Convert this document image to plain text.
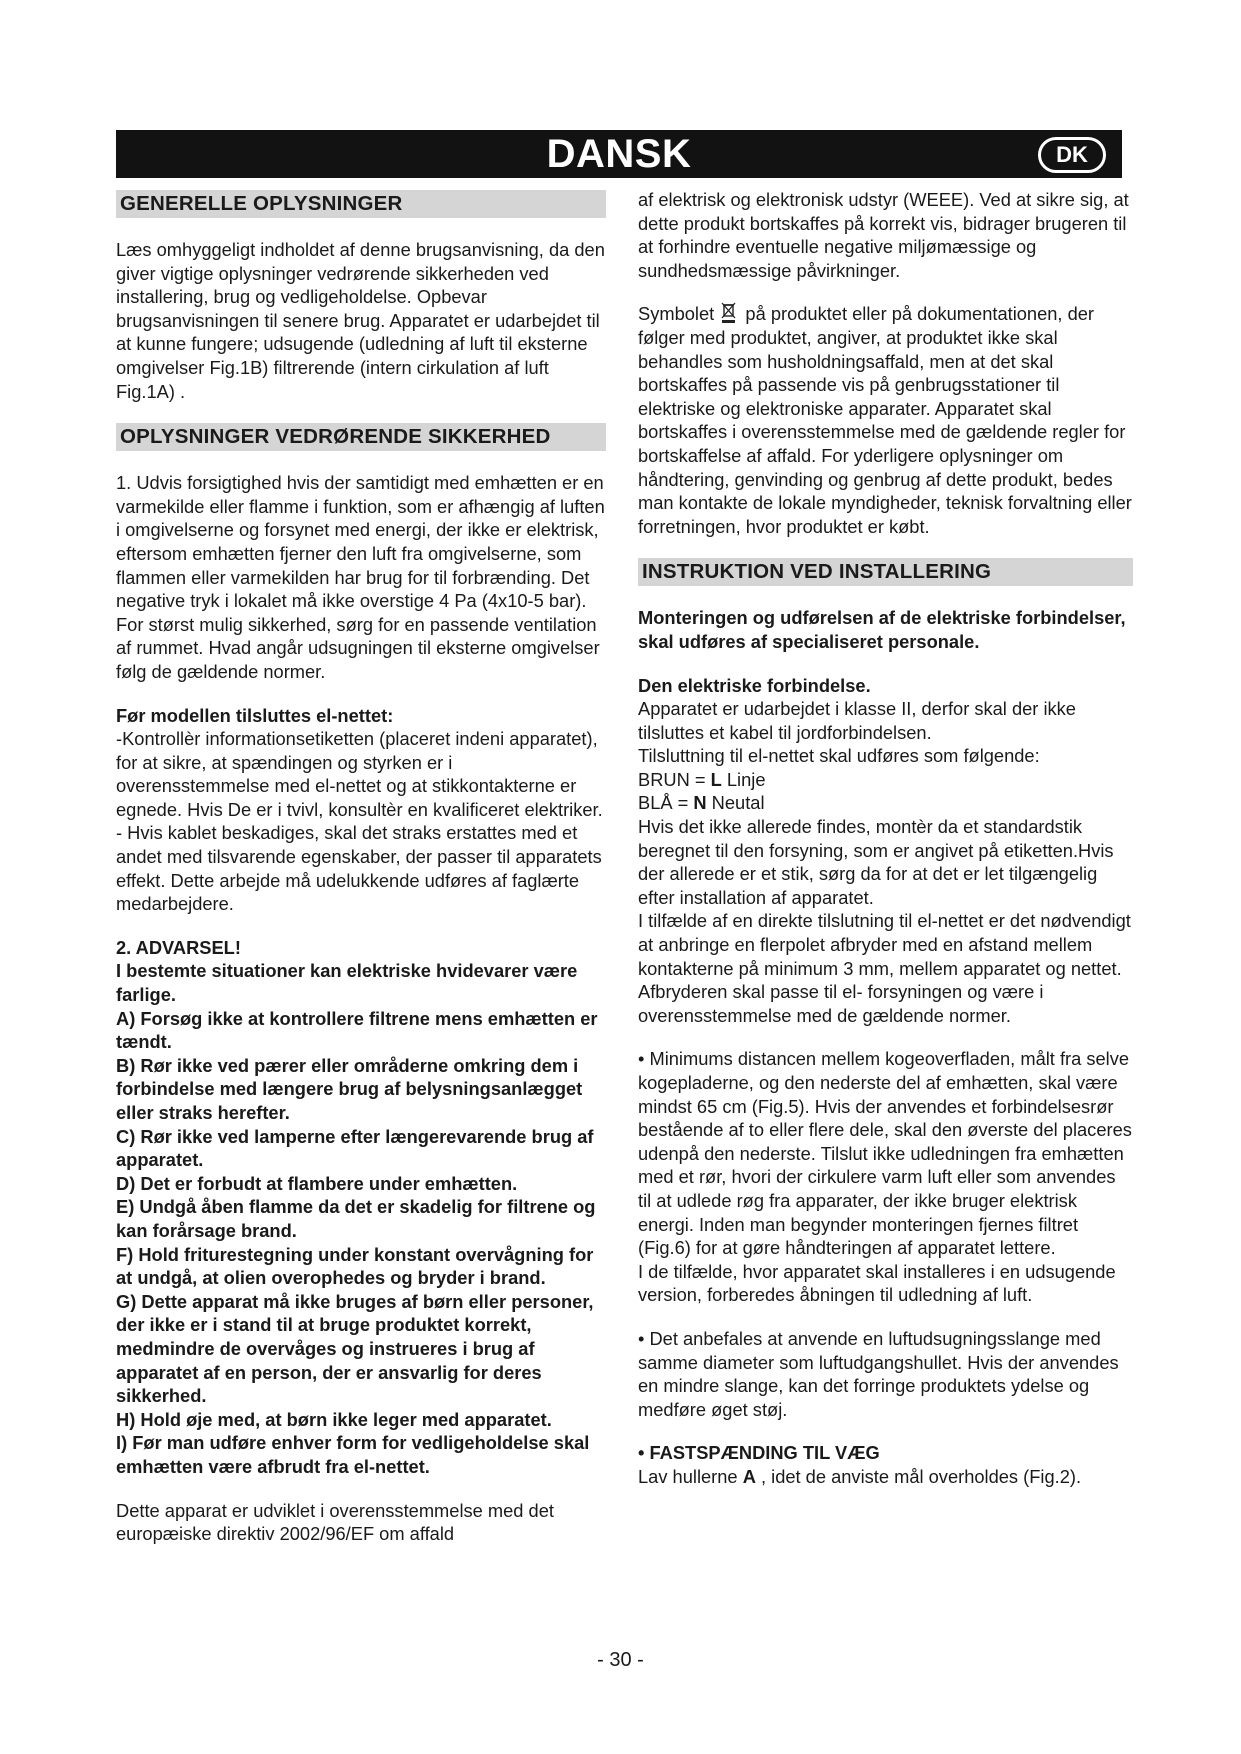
DANSK	DK
GENERELLE OPLYSNINGER

Læs omhyggeligt indholdet af denne brugsanvisning, da den giver vigtige oplysninger vedrørende sikkerheden ved installering, brug og vedligeholdelse. Opbevar brugsanvisningen til senere brug. Apparatet er udarbejdet til at kunne fungere; udsugende (udledning af luft til eksterne omgivelser Fig.1B) filtrerende (intern cirkulation af luft Fig.1A) .

OPLYSNINGER VEDRØRENDE SIKKERHED

1. Udvis forsigtighed hvis der samtidigt med emhætten er en varmekilde eller flamme i funktion, som er afhængig af luften i omgivelserne og forsynet med energi, der ikke er elektrisk, eftersom emhætten fjerner den luft fra omgivelserne, som flammen eller varmekilden har brug for til forbrænding. Det negative tryk i lokalet må ikke overstige 4 Pa (4x10-5 bar). For størst mulig sikkerhed, sørg for en passende ventilation af rummet. Hvad angår udsugningen til eksterne omgivelser følg de gældende normer.

Før modellen tilsluttes el-nettet:

-Kontrollèr informationsetiketten (placeret indeni apparatet), for at sikre, at spændingen og styrken er i overensstemmelse med el-nettet og at stikkontakterne er egnede. Hvis De er i tvivl, konsultèr en kvalificeret elektriker.

- Hvis kablet beskadiges, skal det straks erstattes med et andet med tilsvarende egenskaber, der passer til apparatets effekt. Dette arbejde må udelukkende udføres af faglærte medarbejdere.

2. ADVARSEL!

I bestemte situationer kan elektriske hvidevarer være farlige.

A) Forsøg ikke at kontrollere filtrene mens emhætten er tændt.

B) Rør ikke ved pærer eller områderne omkring dem i forbindelse med længere brug af belysningsanlægget eller straks herefter.

C) Rør ikke ved lamperne efter længerevarende brug af apparatet.

D) Det er forbudt at flambere under emhætten.

E) Undgå åben flamme da det er skadelig for filtrene og kan forårsage brand.

F) Hold friturestegning under konstant overvågning for at undgå, at olien overophedes og bryder i brand.

G) Dette apparat må ikke bruges af børn eller personer, der ikke er i stand til at bruge produktet korrekt, medmindre de overvåges og instrueres i brug af apparatet af en person, der er ansvarlig for deres sikkerhed.

H) Hold øje med, at børn ikke leger med apparatet.

I) Før man udføre enhver form for vedligeholdelse skal emhætten være afbrudt fra el-nettet.

Dette apparat er udviklet i overensstemmelse med det europæiske direktiv 2002/96/EF om affald

af elektrisk og elektronisk udstyr (WEEE). Ved at sikre sig, at dette produkt bortskaffes på korrekt vis, bidrager brugeren til at forhindre eventuelle negative miljømæssige og sundhedsmæssige påvirkninger.

Symbolet på produktet eller på dokumentationen, der følger med produktet, angiver, at produktet ikke skal behandles som husholdningsaffald, men at det skal bortskaffes på passende vis på genbrugsstationer til elektriske og elektroniske apparater. Apparatet skal bortskaffes i overensstemmelse med de gældende regler for bortskaffelse af affald. For yderligere oplysninger om håndtering, genvinding og genbrug af dette produkt, bedes man kontakte de lokale myndigheder, teknisk forvaltning eller forretningen, hvor produktet er købt.

INSTRUKTION VED INSTALLERING

Monteringen og udførelsen af de elektriske forbindelser, skal udføres af specialiseret personale.

Den elektriske forbindelse.

Apparatet er udarbejdet i klasse II, derfor skal der ikke tilsluttes et kabel til jordforbindelsen.

Tilsluttning til el-nettet skal udføres som følgende:

BRUN = L Linje

BLÅ = N Neutal

Hvis det ikke allerede findes, montèr da et standardstik beregnet til den forsyning, som er angivet på etiketten.Hvis der allerede er et stik, sørg da for at det er let tilgængelig efter installation af apparatet.

I tilfælde af en direkte tilslutning til el-nettet er det nødvendigt at anbringe en flerpolet afbryder med en afstand mellem kontakterne på minimum 3 mm, mellem apparatet og nettet. Afbryderen skal passe til el- forsyningen og være i overensstemmelse med de gældende normer.

• Minimums distancen mellem kogeoverfladen, målt fra selve kogepladerne, og den nederste del af emhætten, skal være mindst 65 cm (Fig.5). Hvis der anvendes et forbindelsesrør bestående af to eller flere dele, skal den øverste del placeres udenpå den nederste. Tilslut ikke udledningen fra emhætten med et rør, hvori der cirkulere varm luft eller som anvendes til at udlede røg fra apparater, der ikke bruger elektrisk energi. Inden man begynder monteringen fjernes filtret (Fig.6) for at gøre håndteringen af apparatet lettere.

I de tilfælde, hvor apparatet skal installeres i en udsugende version, forberedes åbningen til udledning af luft.

• Det anbefales at anvende en luftudsugningsslange med samme diameter som luftudgangshullet. Hvis der anvendes en mindre slange, kan det forringe produktets ydelse og medføre øget støj.

• FASTSPÆNDING TIL VÆG

Lav hullerne A , idet de anviste mål overholdes (Fig.2).

- 30 -
